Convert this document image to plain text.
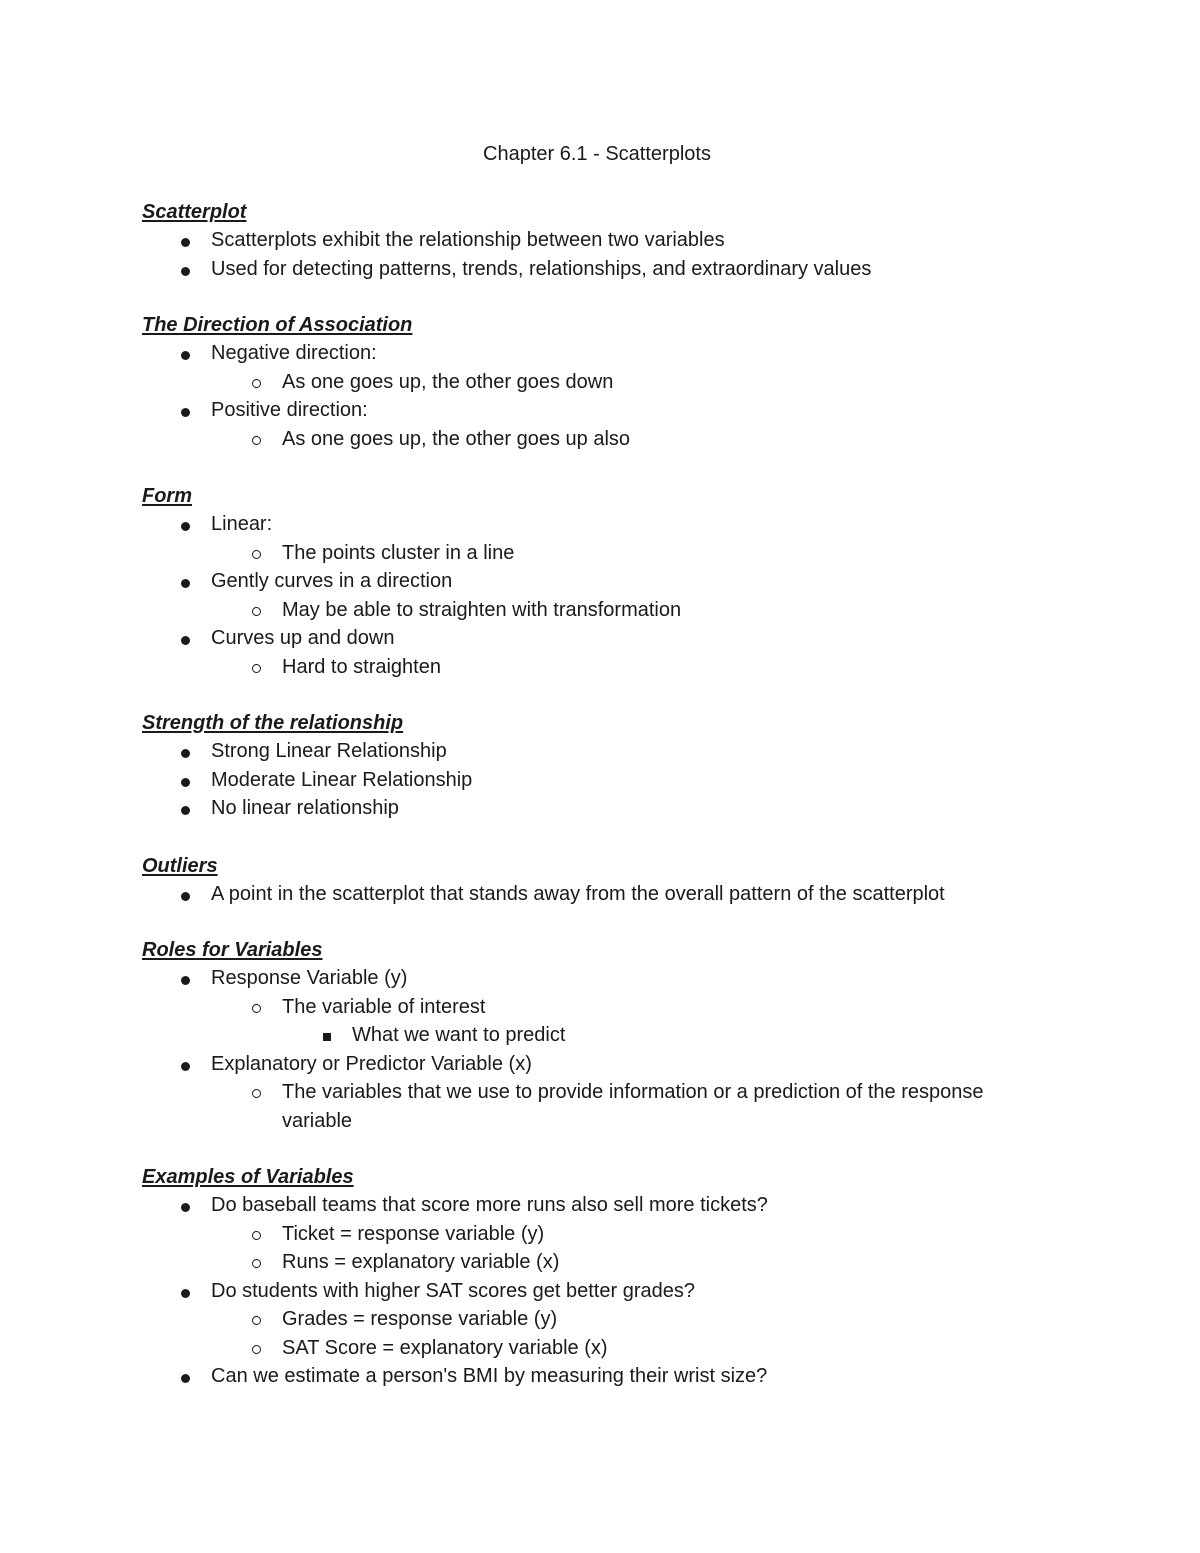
Chapter 6.1 - Scatterplots
Scatterplot
Scatterplots exhibit the relationship between two variables
Used for detecting patterns, trends, relationships, and extraordinary values
The Direction of Association
Negative direction:
As one goes up, the other goes down
Positive direction:
As one goes up, the other goes up also
Form
Linear:
The points cluster in a line
Gently curves in a direction
May be able to straighten with transformation
Curves up and down
Hard to straighten
Strength of the relationship
Strong Linear Relationship
Moderate Linear Relationship
No linear relationship
Outliers
A point in the scatterplot that stands away from the overall pattern of the scatterplot
Roles for Variables
Response Variable (y)
The variable of interest
What we want to predict
Explanatory or Predictor Variable (x)
The variables that we use to provide information or a prediction of the response variable
Examples of Variables
Do baseball teams that score more runs also sell more tickets?
Ticket = response variable (y)
Runs = explanatory variable (x)
Do students with higher SAT scores get better grades?
Grades = response variable (y)
SAT Score = explanatory variable (x)
Can we estimate a person's BMI by measuring their wrist size?
